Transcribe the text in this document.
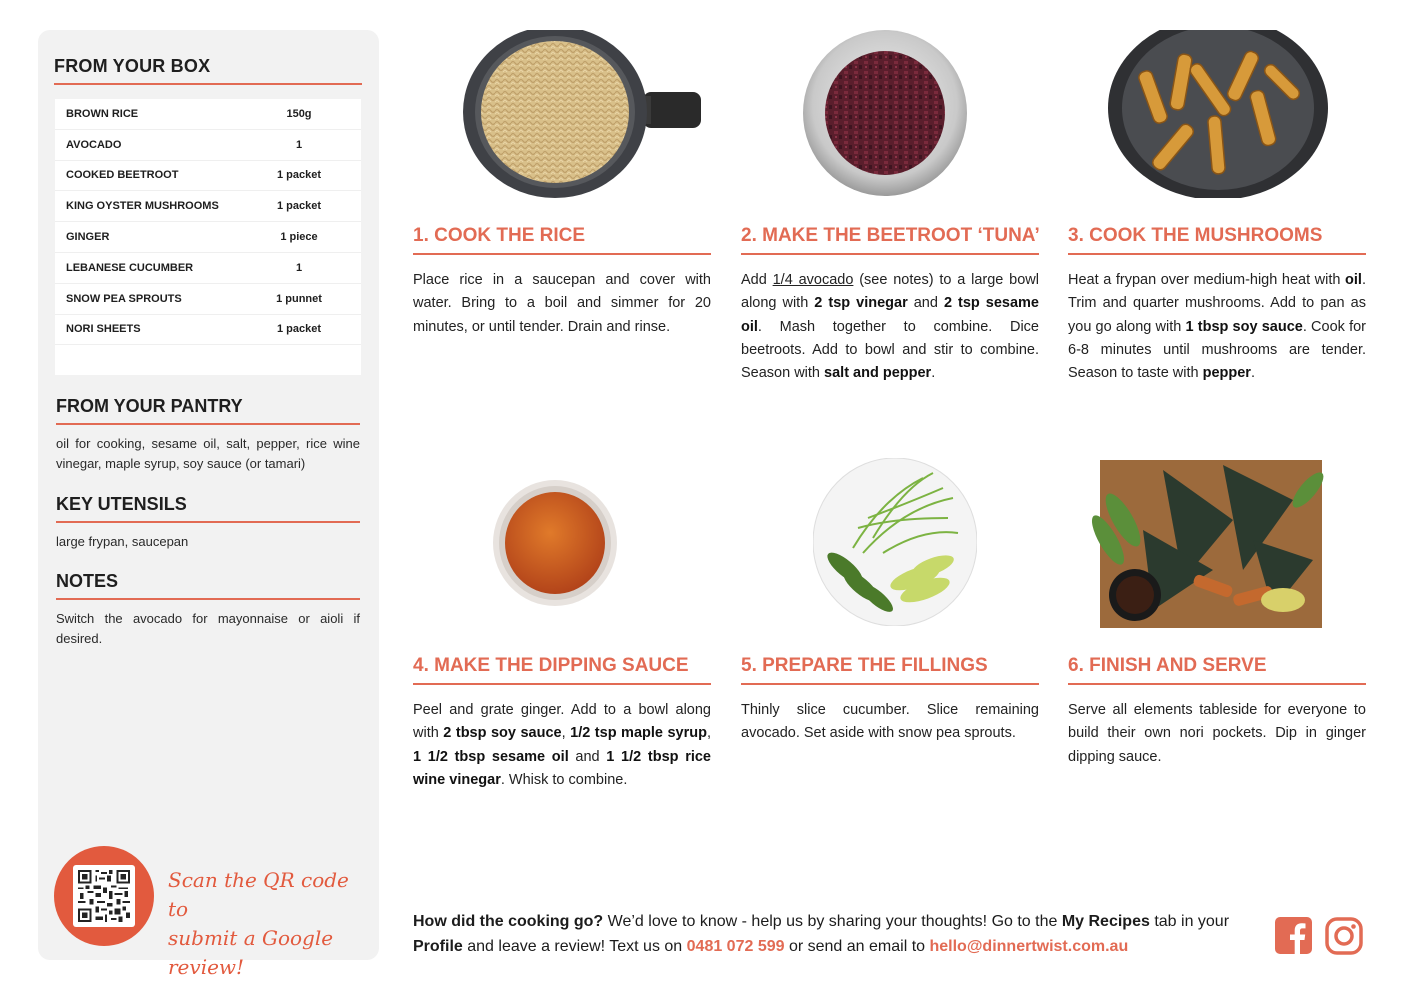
FROM YOUR BOX
BROWN RICE	150g
AVOCADO	1
COOKED BEETROOT	1 packet
KING OYSTER MUSHROOMS	1 packet
GINGER	1 piece
LEBANESE CUCUMBER	1
SNOW PEA SPROUTS	1 punnet
NORI SHEETS	1 packet
FROM YOUR PANTRY
oil for cooking, sesame oil, salt, pepper, rice wine vinegar, maple syrup, soy sauce (or tamari)
KEY UTENSILS
large frypan, saucepan
NOTES
Switch the avocado for mayonnaise or aioli if desired.
Scan the QR code to
submit a Google review!
1. COOK THE RICE
Place rice in a saucepan and cover with water. Bring to a boil and simmer for 20 minutes, or until tender. Drain and rinse.
2. MAKE THE BEETROOT ‘TUNA’
Add 1/4 avocado (see notes) to a large bowl along with 2 tsp vinegar and 2 tsp sesame oil. Mash together to combine. Dice beetroots. Add to bowl and stir to combine. Season with salt and pepper.
3. COOK THE MUSHROOMS
Heat a frypan over medium-high heat with oil. Trim and quarter mushrooms. Add to pan as you go along with 1 tbsp soy sauce. Cook for 6-8 minutes until mushrooms are tender. Season to taste with pepper.
4. MAKE THE DIPPING SAUCE
Peel and grate ginger. Add to a bowl along with 2 tbsp soy sauce, 1/2 tsp maple syrup, 1 1/2 tbsp sesame oil and 1 1/2 tbsp rice wine vinegar. Whisk to combine.
5. PREPARE THE FILLINGS
Thinly slice cucumber. Slice remaining avocado. Set aside with snow pea sprouts.
6. FINISH AND SERVE
Serve all elements tableside for everyone to build their own nori pockets. Dip in ginger dipping sauce.
How did the cooking go? We’d love to know - help us by sharing your thoughts! Go to the My Recipes tab in your Profile and leave a review! Text us on 0481 072 599 or send an email to hello@dinnertwist.com.au
